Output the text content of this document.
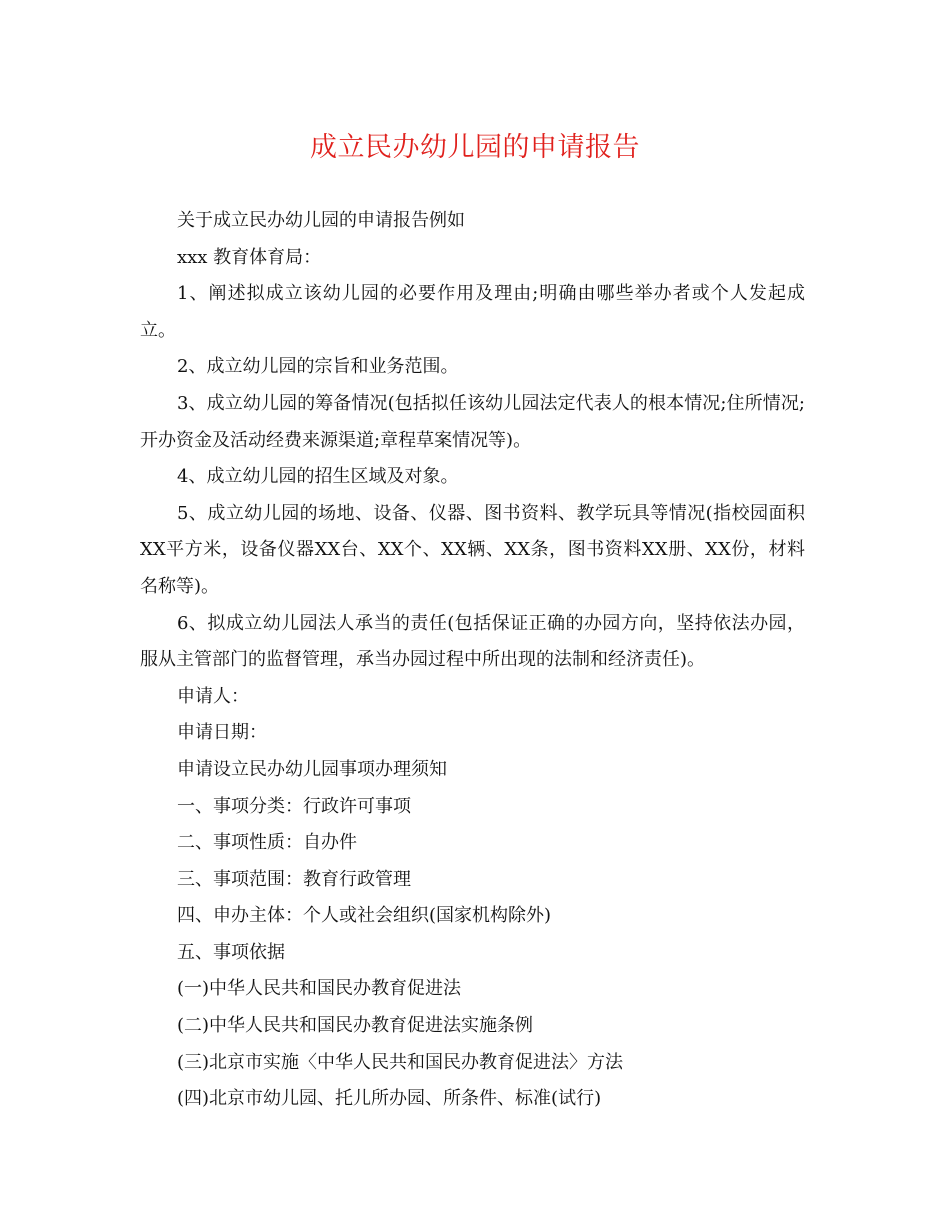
成立民办幼儿园的申请报告

关于成立民办幼儿园的申请报告例如

xxx 教育体育局：

1、阐述拟成立该幼儿园的必要作用及理由;明确由哪些举办者或个人发起成立。

2、成立幼儿园的宗旨和业务范围。

3、成立幼儿园的筹备情况(包括拟任该幼儿园法定代表人的根本情况;住所情况;开办资金及活动经费来源渠道;章程草案情况等)。

4、成立幼儿园的招生区域及对象。

5、成立幼儿园的场地、设备、仪器、图书资料、教学玩具等情况(指校园面积XX平方米，设备仪器XX台、XX个、XX辆、XX条，图书资料XX册、XX份，材料名称等)。

6、拟成立幼儿园法人承当的责任(包括保证正确的办园方向，坚持依法办园，服从主管部门的监督管理，承当办园过程中所出现的法制和经济责任)。

申请人：

申请日期：

申请设立民办幼儿园事项办理须知

一、事项分类：行政许可事项

二、事项性质：自办件

三、事项范围：教育行政管理

四、申办主体：个人或社会组织(国家机构除外)

五、事项依据

(一)中华人民共和国民办教育促进法

(二)中华人民共和国民办教育促进法实施条例

(三)北京市实施〈中华人民共和国民办教育促进法〉方法

(四)北京市幼儿园、托儿所办园、所条件、标准(试行)
